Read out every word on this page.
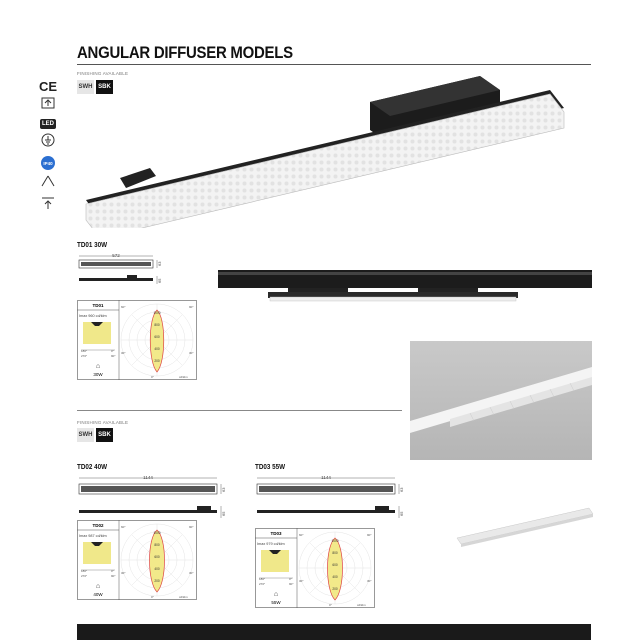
ANGULAR DIFFUSER MODELS
FINISHING AVAILABLE
SWH SBK
CE
LED
IP40
TD01 30W
572
63
65
TD01
Imax 960 cd/klm
180°	0°
270°	90°
⌂
30W
1000
800
600
400
200
60°	90°
30°	30°
0°	cd/klm
FINISHING AVAILABLE
SWH SBK
TD02 40W
1144
63
65
TD02
Imax 987 cd/klm
180°	0°
270°	90°
⌂
40W
1000
800
600
400
200
60°	90°
30°	30°
0°	cd/klm
TD03 55W
1144
63
65
TD03
Imax 979 cd/klm
180°	0°
270°	90°
⌂
55W
1000
800
600
400
200
60°	90°
30°	30°
0°	cd/klm
